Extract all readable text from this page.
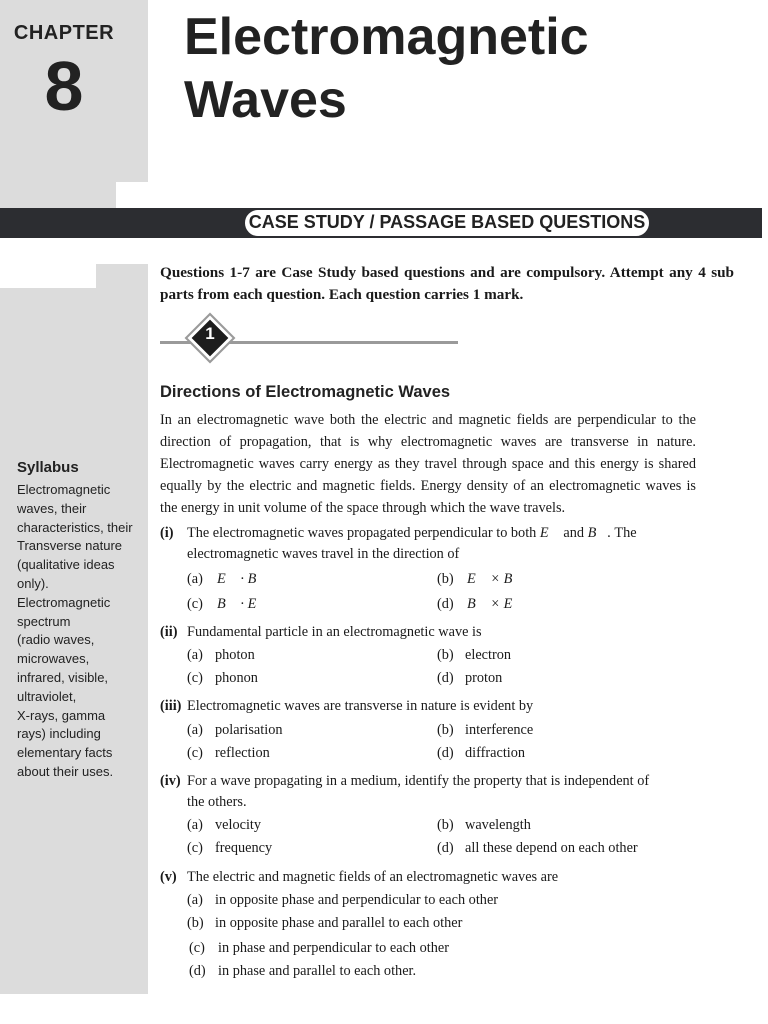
CHAPTER
8
Electromagnetic
Waves
CASE STUDY / PASSAGE BASED QUESTIONS
Syllabus
Electromagnetic
waves, their
characteristics, their
Transverse nature
(qualitative ideas
only).
Electromagnetic
spectrum
(radio waves,
microwaves,
infrared, visible,
ultraviolet,
X-rays, gamma
rays) including
elementary facts
about their uses.
Questions 1-7 are Case Study based questions and are compulsory. Attempt any 4 sub parts from each question. Each question carries 1 mark.
1
Directions of Electromagnetic Waves
In an electromagnetic wave both the electric and magnetic fields are perpendicular to the direction of propagation, that is why electromagnetic waves are transverse in nature. Electromagnetic waves carry energy as they travel through space and this energy is shared equally by the electric and magnetic fields. Energy density of an electromagnetic waves is the energy in unit volume of the space through which the wave travels.
(i) The electromagnetic waves propagated perpendicular to both E⃗ and B⃗. The
electromagnetic waves travel in the direction of
(a) E⃗ · B⃗	(b) E⃗ × B⃗
(c) B⃗ · E⃗	(d) B⃗ × E⃗
(ii) Fundamental particle in an electromagnetic wave is
(a) photon	(b) electron
(c) phonon	(d) proton
(iii) Electromagnetic waves are transverse in nature is evident by
(a) polarisation	(b) interference
(c) reflection	(d) diffraction
(iv) For a wave propagating in a medium, identify the property that is independent of
the others.
(a) velocity	(b) wavelength
(c) frequency	(d) all these depend on each other
(v) The electric and magnetic fields of an electromagnetic waves are
(a) in opposite phase and perpendicular to each other
(b) in opposite phase and parallel to each other
(c) in phase and perpendicular to each other
(d) in phase and parallel to each other.
